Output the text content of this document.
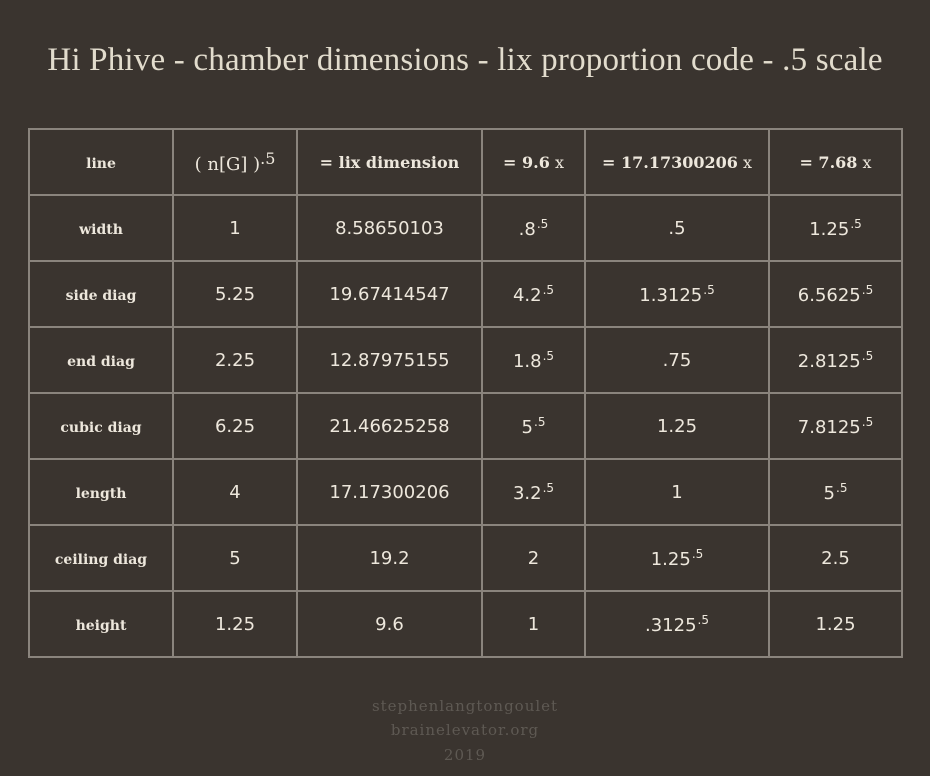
Hi Phive - chamber dimensions - lix proportion code - .5 scale
line	( n[G] )$^{.5}$	= lix dimension	= 9.6 x	= 17.17300206 x	= 7.68 x
width	1	8.58650103	$.8^{.5}$	.5	$1.25^{.5}$
side diag	5.25	19.67414547	$4.2^{.5}$	$1.3125^{.5}$	$6.5625^{.5}$
end diag	2.25	12.87975155	$1.8^{.5}$	.75	$2.8125^{.5}$
cubic diag	6.25	21.46625258	$5^{.5}$	1.25	$7.8125^{.5}$
length	4	17.17300206	$3.2^{.5}$	1	$5^{.5}$
ceiling diag	5	19.2	2	$1.25^{.5}$	2.5
height	1.25	9.6	1	$.3125^{.5}$	1.25
stephenlangtongoulet
brainelevator.org
2019
